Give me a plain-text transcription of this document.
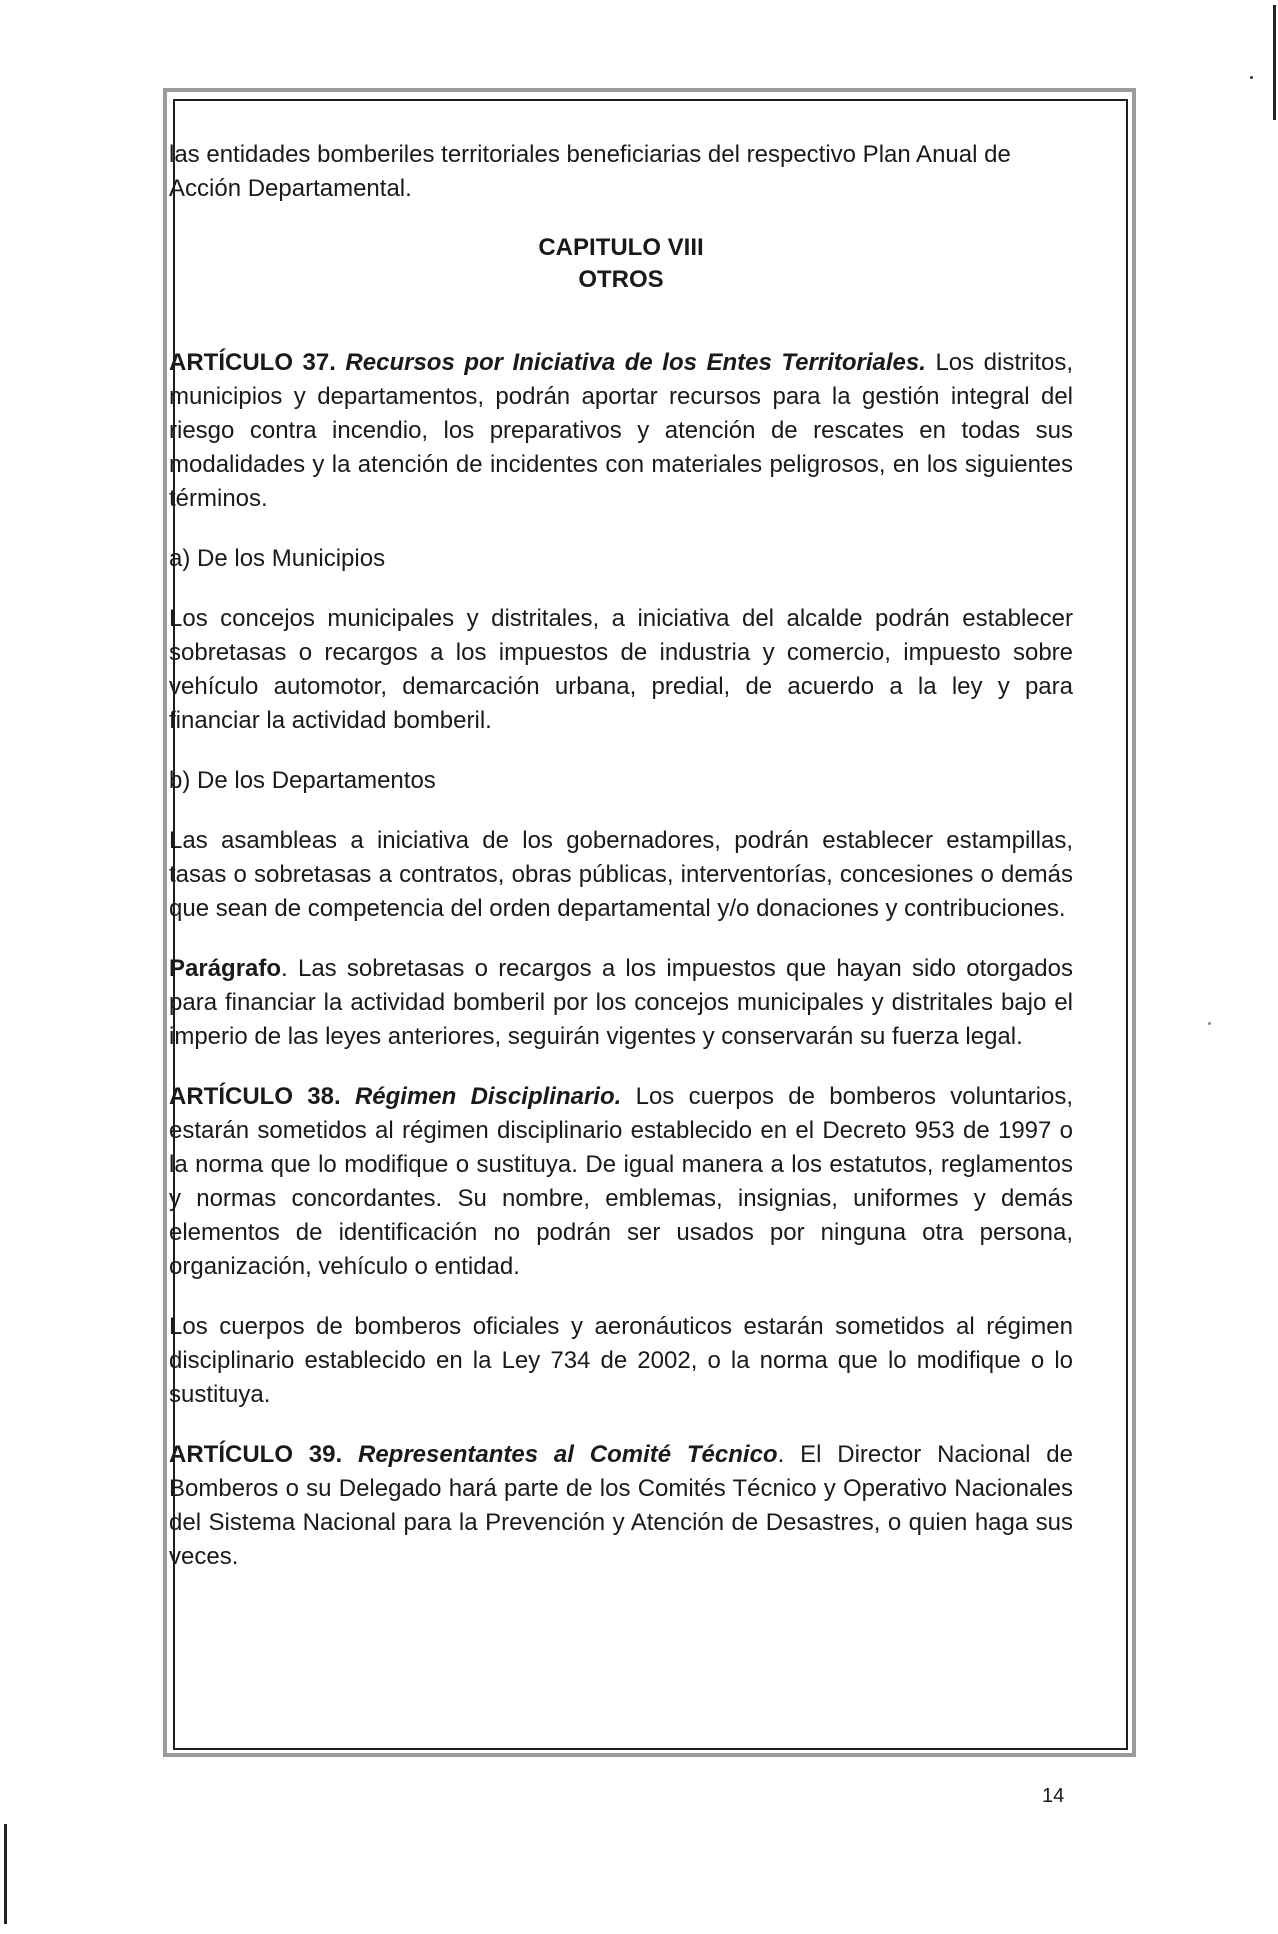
las entidades bomberiles territoriales beneficiarias del respectivo Plan Anual de Acción Departamental.

CAPITULO VIII

OTROS

ARTÍCULO 37. Recursos por Iniciativa de los Entes Territoriales. Los distritos, municipios y departamentos, podrán aportar recursos para la gestión integral del riesgo contra incendio, los preparativos y atención de rescates en todas sus modalidades y la atención de incidentes con materiales peligrosos, en los siguientes términos.

a) De los Municipios

Los concejos municipales y distritales, a iniciativa del alcalde podrán establecer sobretasas o recargos a los impuestos de industria y comercio, impuesto sobre vehículo automotor, demarcación urbana, predial, de acuerdo a la ley y para financiar la actividad bomberil.

b) De los Departamentos

Las asambleas a iniciativa de los gobernadores, podrán establecer estampillas, tasas o sobretasas a contratos, obras públicas, interventorías, concesiones o demás que sean de competencia del orden departamental y/o donaciones y contribuciones.

Parágrafo. Las sobretasas o recargos a los impuestos que hayan sido otorgados para financiar la actividad bomberil por los concejos municipales y distritales bajo el imperio de las leyes anteriores, seguirán vigentes y conservarán su fuerza legal.

ARTÍCULO 38. Régimen Disciplinario. Los cuerpos de bomberos voluntarios, estarán sometidos al régimen disciplinario establecido en el Decreto 953 de 1997 o la norma que lo modifique o sustituya. De igual manera a los estatutos, reglamentos y normas concordantes. Su nombre, emblemas, insignias, uniformes y demás elementos de identificación no podrán ser usados por ninguna otra persona, organización, vehículo o entidad.

Los cuerpos de bomberos oficiales y aeronáuticos estarán sometidos al régimen disciplinario establecido en la Ley 734 de 2002, o la norma que lo modifique o lo sustituya.

ARTÍCULO 39. Representantes al Comité Técnico. El Director Nacional de Bomberos o su Delegado hará parte de los Comités Técnico y Operativo Nacionales del Sistema Nacional para la Prevención y Atención de Desastres, o quien haga sus veces.

14
